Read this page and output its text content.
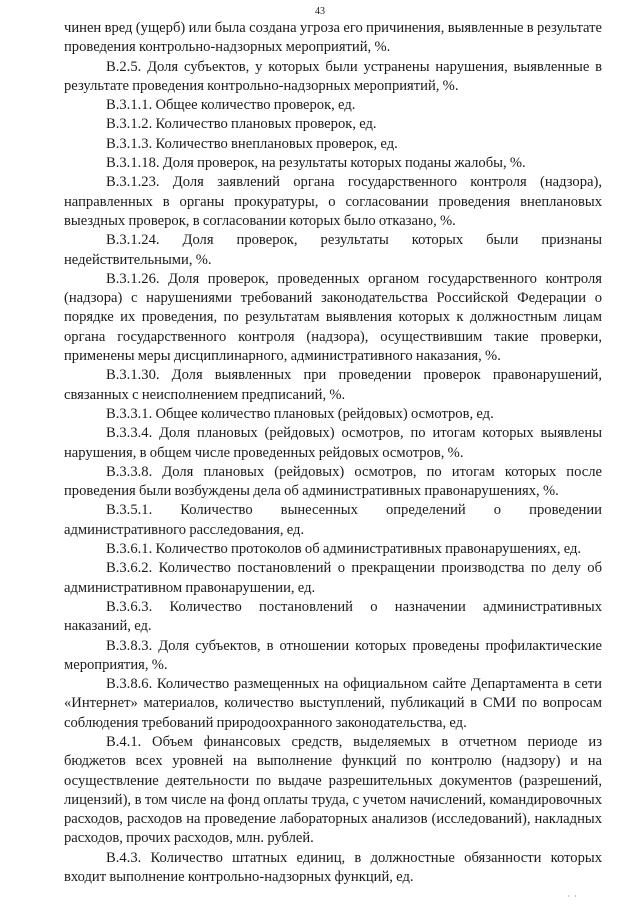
43

чинен вред (ущерб) или была создана угроза его причинения, выявленные в результате проведения контрольно-надзорных мероприятий, %.

В.2.5. Доля субъектов, у которых были устранены нарушения, выявленные в результате проведения контрольно-надзорных мероприятий, %.

В.3.1.1. Общее количество проверок, ед.

В.3.1.2. Количество плановых проверок, ед.

В.3.1.3. Количество внеплановых проверок, ед.

В.3.1.18. Доля проверок, на результаты которых поданы жалобы, %.

В.3.1.23. Доля заявлений органа государственного контроля (надзора), направленных в органы прокуратуры, о согласовании проведения внеплановых выездных проверок, в согласовании которых было отказано, %.

В.3.1.24. Доля проверок, результаты которых были признаны недействительными, %.

В.3.1.26. Доля проверок, проведенных органом государственного контроля (надзора) с нарушениями требований законодательства Российской Федерации о порядке их проведения, по результатам выявления которых к должностным лицам органа государственного контроля (надзора), осуществившим такие проверки, применены меры дисциплинарного, административного наказания, %.

В.3.1.30. Доля выявленных при проведении проверок правонарушений, связанных с неисполнением предписаний, %.

В.3.3.1. Общее количество плановых (рейдовых) осмотров, ед.

В.3.3.4. Доля плановых (рейдовых) осмотров, по итогам которых выявлены нарушения, в общем числе проведенных рейдовых осмотров, %.

В.3.3.8. Доля плановых (рейдовых) осмотров, по итогам которых после проведения были возбуждены дела об административных правонарушениях, %.

В.3.5.1. Количество вынесенных определений о проведении административного расследования, ед.

В.3.6.1. Количество протоколов об административных правонарушениях, ед.

В.3.6.2. Количество постановлений о прекращении производства по делу об административном правонарушении, ед.

В.3.6.3. Количество постановлений о назначении административных наказаний, ед.

В.3.8.3. Доля субъектов, в отношении которых проведены профилактические мероприятия, %.

В.3.8.6. Количество размещенных на официальном сайте Департамента в сети «Интернет» материалов, количество выступлений, публикаций в СМИ по вопросам соблюдения требований природоохранного законодательства, ед.

В.4.1. Объем финансовых средств, выделяемых в отчетном периоде из бюджетов всех уровней на выполнение функций по контролю (надзору) и на осуществление деятельности по выдаче разрешительных документов (разрешений, лицензий), в том числе на фонд оплаты труда, с учетом начислений, командировочных расходов, расходов на проведение лабораторных анализов (исследований), накладных расходов, прочих расходов, млн. рублей.

В.4.3. Количество штатных единиц, в должностные обязанности которых входит выполнение контрольно-надзорных функций, ед.

· ·
